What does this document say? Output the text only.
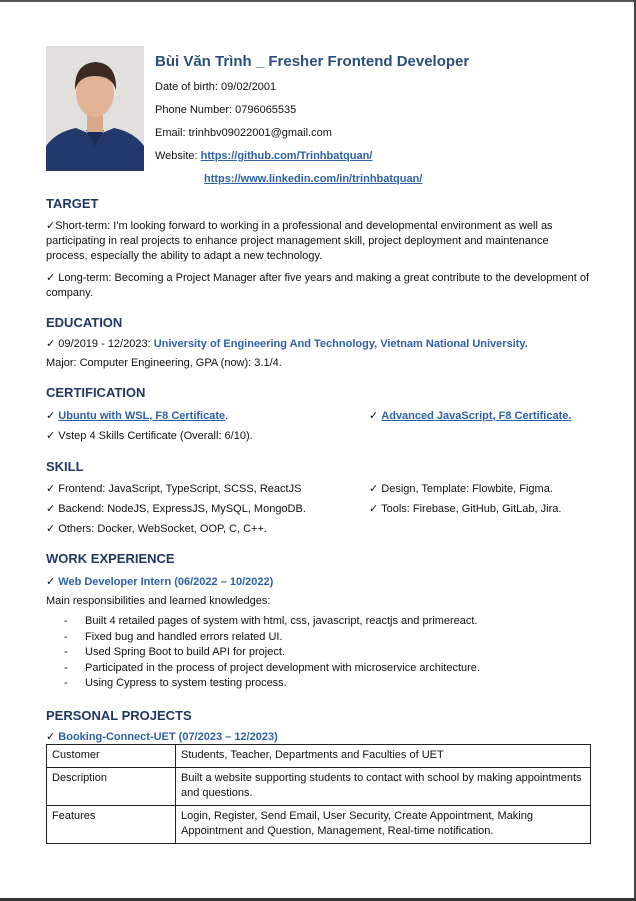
Bùi Văn Trình _ Fresher Frontend Developer
Date of birth: 09/02/2001
Phone Number: 0796065535
Email: trinhbv09022001@gmail.com
Website: https://github.com/Trinhbatquan/
https://www.linkedin.com/in/trinhbatquan/
TARGET

✓Short-term: I'm looking forward to working in a professional and developmental environment as well as participating in real projects to enhance project management skill, project deployment and maintenance process, especially the ability to adapt a new technology.

✓ Long-term: Becoming a Project Manager after five years and making a great contribute to the development of company.

EDUCATION
✓ 09/2019 - 12/2023: University of Engineering And Technology, Vietnam National University.
Major: Computer Engineering, GPA (now): 3.1/4.
CERTIFICATION
✓ Ubuntu with WSL, F8 Certificate.	✓ Advanced JavaScript, F8 Certificate.
✓ Vstep 4 Skills Certificate (Overall: 6/10).
SKILL
✓ Frontend: JavaScript, TypeScript, SCSS, ReactJS	✓ Design, Template: Flowbite, Figma.
✓ Backend: NodeJS, ExpressJS, MySQL, MongoDB.	✓ Tools: Firebase, GitHub, GitLab, Jira.
✓ Others: Docker, WebSocket, OOP, C, C++.
WORK EXPERIENCE
✓ Web Developer Intern (06/2022 – 10/2022)
Main responsibilities and learned knowledges:
- Built 4 retailed pages of system with html, css, javascript, reactjs and primereact.
- Fixed bug and handled errors related UI.
- Used Spring Boot to build API for project.
- Participated in the process of project development with microservice architecture.
- Using Cypress to system testing process.
PERSONAL PROJECTS
✓ Booking-Connect-UET (07/2023 – 12/2023)
Customer	Students, Teacher, Departments and Faculties of UET
Description	Built a website supporting students to contact with school by making appointments and questions.
Features	Login, Register, Send Email, User Security, Create Appointment, Making Appointment and Question, Management, Real-time notification.
